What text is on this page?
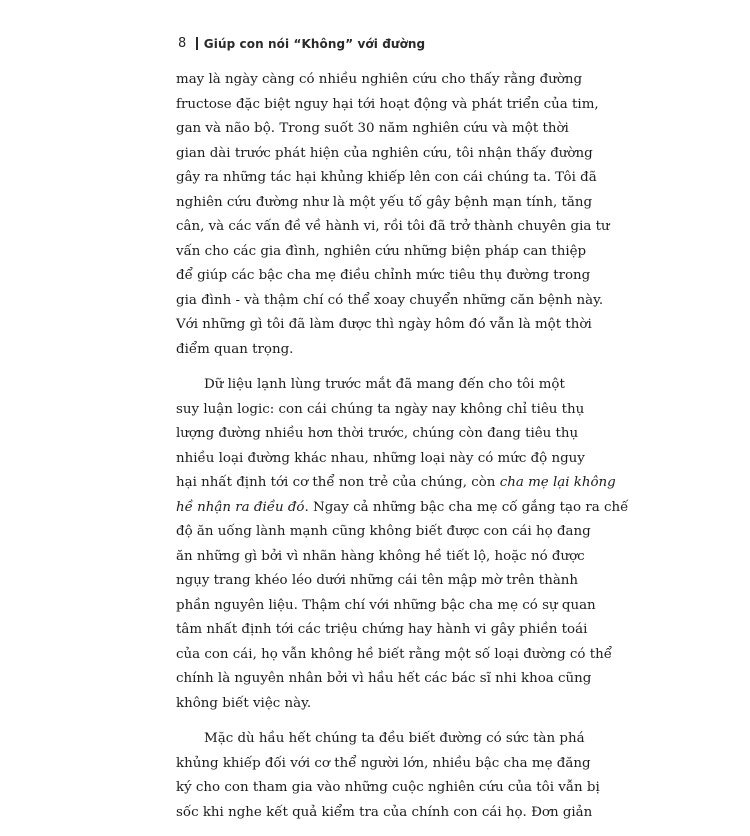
8 Giúp con nói “Không” với đường
may là ngày càng có nhiều nghiên cứu cho thấy rằng đường
fructose đặc biệt nguy hại tới hoạt động và phát triển của tim,
gan và não bộ. Trong suốt 30 năm nghiên cứu và một thời
gian dài trước phát hiện của nghiên cứu, tôi nhận thấy đường
gây ra những tác hại khủng khiếp lên con cái chúng ta. Tôi đã
nghiên cứu đường như là một yếu tố gây bệnh mạn tính, tăng
cân, và các vấn đề về hành vi, rồi tôi đã trở thành chuyên gia tư
vấn cho các gia đình, nghiên cứu những biện pháp can thiệp
để giúp các bậc cha mẹ điều chỉnh mức tiêu thụ đường trong
gia đình - và thậm chí có thể xoay chuyển những căn bệnh này.
Với những gì tôi đã làm được thì ngày hôm đó vẫn là một thời
điểm quan trọng.
Dữ liệu lạnh lùng trước mắt đã mang đến cho tôi một
suy luận logic: con cái chúng ta ngày nay không chỉ tiêu thụ
lượng đường nhiều hơn thời trước, chúng còn đang tiêu thụ
nhiều loại đường khác nhau, những loại này có mức độ nguy
hại nhất định tới cơ thể non trẻ của chúng, còn cha mẹ lại không
hề nhận ra điều đó. Ngay cả những bậc cha mẹ cố gắng tạo ra chế
độ ăn uống lành mạnh cũng không biết được con cái họ đang
ăn những gì bởi vì nhãn hàng không hề tiết lộ, hoặc nó được
ngụy trang khéo léo dưới những cái tên mập mờ trên thành
phần nguyên liệu. Thậm chí với những bậc cha mẹ có sự quan
tâm nhất định tới các triệu chứng hay hành vi gây phiền toái
của con cái, họ vẫn không hề biết rằng một số loại đường có thể
chính là nguyên nhân bởi vì hầu hết các bác sĩ nhi khoa cũng
không biết việc này.
Mặc dù hầu hết chúng ta đều biết đường có sức tàn phá
khủng khiếp đối với cơ thể người lớn, nhiều bậc cha mẹ đăng
ký cho con tham gia vào những cuộc nghiên cứu của tôi vẫn bị
sốc khi nghe kết quả kiểm tra của chính con cái họ. Đơn giản
